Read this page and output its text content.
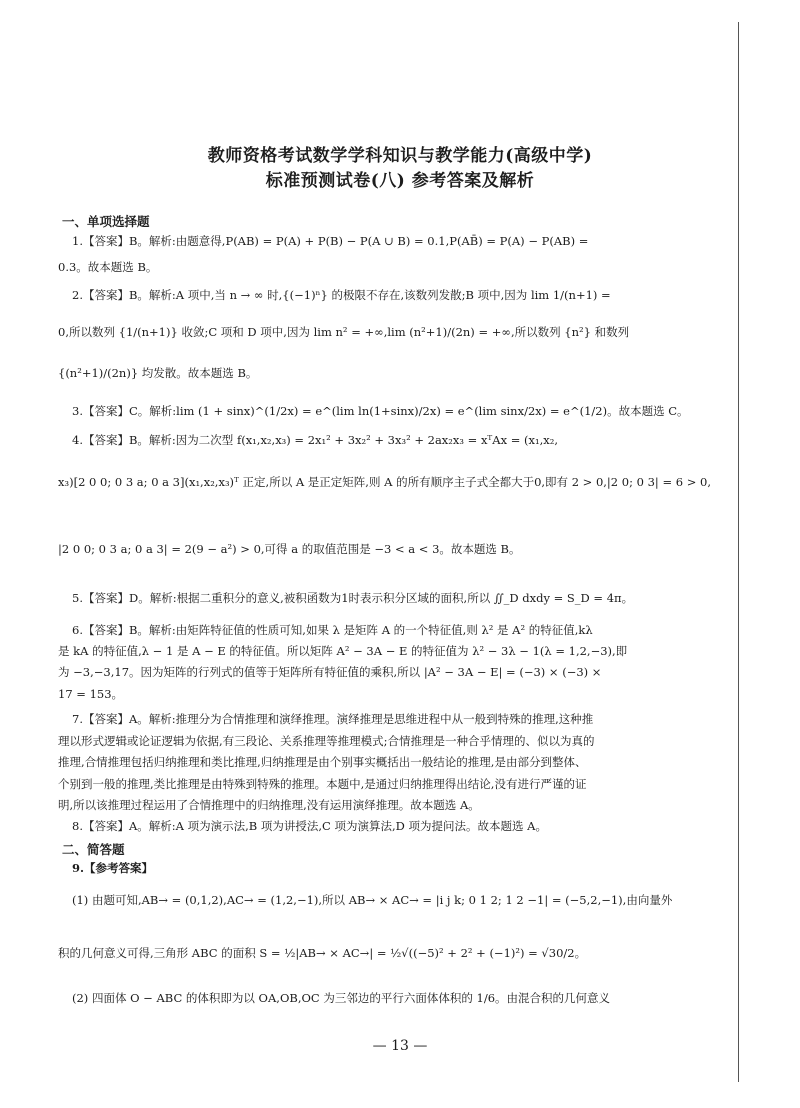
教师资格考试数学学科知识与教学能力(高级中学)
标准预测试卷(八) 参考答案及解析
一、单项选择题
1.【答案】B。解析:由题意得,P(AB) = P(A) + P(B) − P(A ∪ B) = 0.1,P(AB̄) = P(A) − P(AB) =
0.3。故本题选 B。
2.【答案】B。解析:A 项中,当 n → ∞ 时,{(−1)ⁿ} 的极限不存在,该数列发散;B 项中,因为 lim 1/(n+1) =
0,所以数列 {1/(n+1)} 收敛;C 项和 D 项中,因为 lim n² = +∞,lim (n²+1)/(2n) = +∞,所以数列 {n²} 和数列
{(n²+1)/(2n)} 均发散。故本题选 B。
3.【答案】C。解析:lim (1 + sinx)^(1/2x) = e^(lim ln(1+sinx)/2x) = e^(lim sinx/2x) = e^(1/2)。故本题选 C。
4.【答案】B。解析:因为二次型 f(x₁,x₂,x₃) = 2x₁² + 3x₂² + 3x₃² + 2ax₂x₃ = xᵀAx = (x₁,x₂,
x₃)[2 0 0; 0 3 a; 0 a 3](x₁,x₂,x₃)ᵀ 正定,所以 A 是正定矩阵,则 A 的所有顺序主子式全都大于0,即有 2 > 0,|2 0; 0 3| = 6 > 0,
|2 0 0; 0 3 a; 0 a 3| = 2(9 − a²) > 0,可得 a 的取值范围是 −3 < a < 3。故本题选 B。
5.【答案】D。解析:根据二重积分的意义,被积函数为1时表示积分区域的面积,所以 ∬_D dxdy = S_D = 4π。
6.【答案】B。解析:由矩阵特征值的性质可知,如果 λ 是矩阵 A 的一个特征值,则 λ² 是 A² 的特征值,kλ
是 kA 的特征值,λ − 1 是 A − E 的特征值。所以矩阵 A² − 3A − E 的特征值为 λ² − 3λ − 1(λ = 1,2,−3),即
为 −3,−3,17。因为矩阵的行列式的值等于矩阵所有特征值的乘积,所以 |A² − 3A − E| = (−3) × (−3) ×
17 = 153。
7.【答案】A。解析:推理分为合情推理和演绎推理。演绎推理是思维进程中从一般到特殊的推理,这种推
理以形式逻辑或论证逻辑为依据,有三段论、关系推理等推理模式;合情推理是一种合乎情理的、似以为真的
推理,合情推理包括归纳推理和类比推理,归纳推理是由个别事实概括出一般结论的推理,是由部分到整体、
个别到一般的推理,类比推理是由特殊到特殊的推理。本题中,是通过归纳推理得出结论,没有进行严谨的证
明,所以该推理过程运用了合情推理中的归纳推理,没有运用演绎推理。故本题选 A。
8.【答案】A。解析:A 项为演示法,B 项为讲授法,C 项为演算法,D 项为提问法。故本题选 A。
二、简答题
9.【参考答案】
(1) 由题可知,AB→ = (0,1,2),AC→ = (1,2,−1),所以 AB→ × AC→ = |i j k; 0 1 2; 1 2 −1| = (−5,2,−1),由向量外
积的几何意义可得,三角形 ABC 的面积 S = ½|AB→ × AC→| = ½√((−5)² + 2² + (−1)²) = √30/2。
(2) 四面体 O − ABC 的体积即为以 OA,OB,OC 为三邻边的平行六面体体积的 1/6。由混合积的几何意义
— 13 —
